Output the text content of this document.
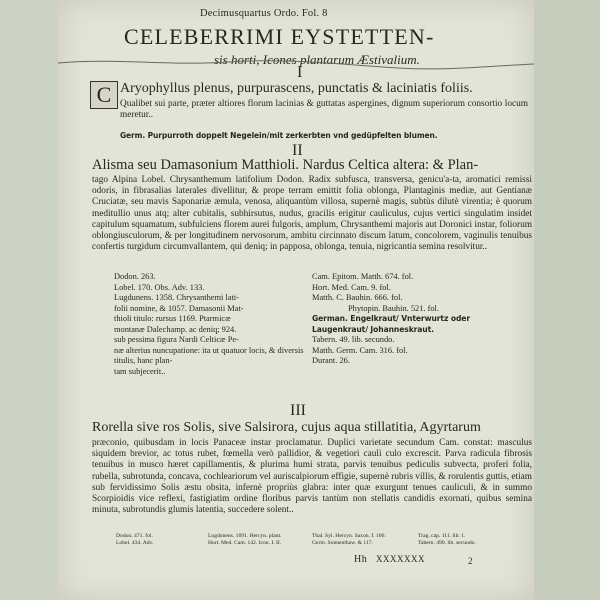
Decimusquartus Ordo. Fol. 8
CELEBERRIMI EYSTETTEN-
sis horti, Icones plantarum Æstivalium.
I
C Aryophyllus plenus, purpurascens, punctatis & laciniatis foliis.
Qualibet sui parte, præter altiores florum lacinias & guttatas aspergines, dignum superiorum consortio locum meretur..
Germ. Purpurroth doppelt Negelein/mit zerkerbten vnd gedüpfelten blumen.
II
Alisma seu Damasonium Matthioli. Nardus Celtica altera: & Plan-
tago Alpina Lobel. Chrysanthemum latifolium Dodon. Radix subfusca, transversa, genicu'a-ta, aromatici remissi odoris, in fibrasalias laterales divellitur, & prope terram emittit folia oblonga, Plantaginis mediæ, aut Gentianæ Cruciatæ, seu mavis Saponariæ æmula, venosa, aliquantùm villosa, supernè magis, subtùs dilutè virentia; è quorum meditullio unus atq; alter cubitalis, subhirsutus, nudus, gracilis erigitur cauliculus, cujus vertici singulatim insidet capitulum squamatum, subfulciens florem aurei fulgoris, amplum, Chrysanthemi majoris aut Doronici instar, foliorum oblongiusculorum, & per longitudinem nervosorum, ambitu circinnato discum latum, concolorem, vaginulis tenuibus confertis turgidum circumvallantem, qui deniq; in papposa, oblonga, tenuia, nigricantia semina resolvitur..
Dodon. 263.
Lobel. 170. Obs. Adv. 133.
Lugdunens. 1358. Chrysanthemi lati-
folii nomine, & 1057. Damasonii Mat-
thioli titulo: rursus 1169. Ptarmicæ
montanæ Dalechamp. ac deniq; 924.
sub pessima figura Nardi Celticæ Pe-
næ alterius nuncupatione: ita ut quatuor locis, & diversis titulis, hanc plan-
tam subjecerit..
Cam. Epitom. Matth. 674. fol.
Hort. Med. Cam. 9. fol.
Matth. C. Bauhin. 666. fol.
Phytopin. Bauhin. 521. fol.
German. Engelkraut/ Vnterwurtz oder
Laugenkraut/ Johanneskraut.
Tabern. 49. lib. secundo.
Matth. Germ. Cam. 316. fol.
Durant. 26.
III
Rorella sive ros Solis, sive Salsirora, cujus aqua stillatitia, Agyrtarum
præconio, quibusdam in locis Panaceæ instar proclamatur. Duplici varietate secundum Cam. constat: masculus siquidem brevior, ac totus rubet, fœmella verò pallidior, & vegetiori cauli culo excrescit. Parva radicula fibrosis tenuibus in musco hæret capillamentis, & plurima humi strata, parvis tenuibus pediculis subvecta, proferi folia, rubella, subrotunda, concava, cochleariorum vel auriscalpiorum effigie, supernè rubris villis, & rorulentis guttis, etiam sub fervidissimo Solis æstu obsita, infernè propriùs glabra: inter quæ exurgunt tenues cauliculi, & in summo Scorpioidis vice reflexi, fastigiatim ordine floribus parvis tantùm non stellatis candidis exornati, quibus semina minuta, subrotundis glumis latentia, succedere solent..
Dodon. 471. fol.
Lobel. 434. Adv.
Lugdunens. 1691. Hercyn. plant.
Hort. Med. Cam. 142. Icon. I. II.
Thal. Syl. Hercyn. Saxon. f. 106.
Germ. Sonnenthaw. & 117.
Trag. cap. 111. lib. 1.
Tabern. 490. lib. secundo.
Hh XXXXXXX	2
